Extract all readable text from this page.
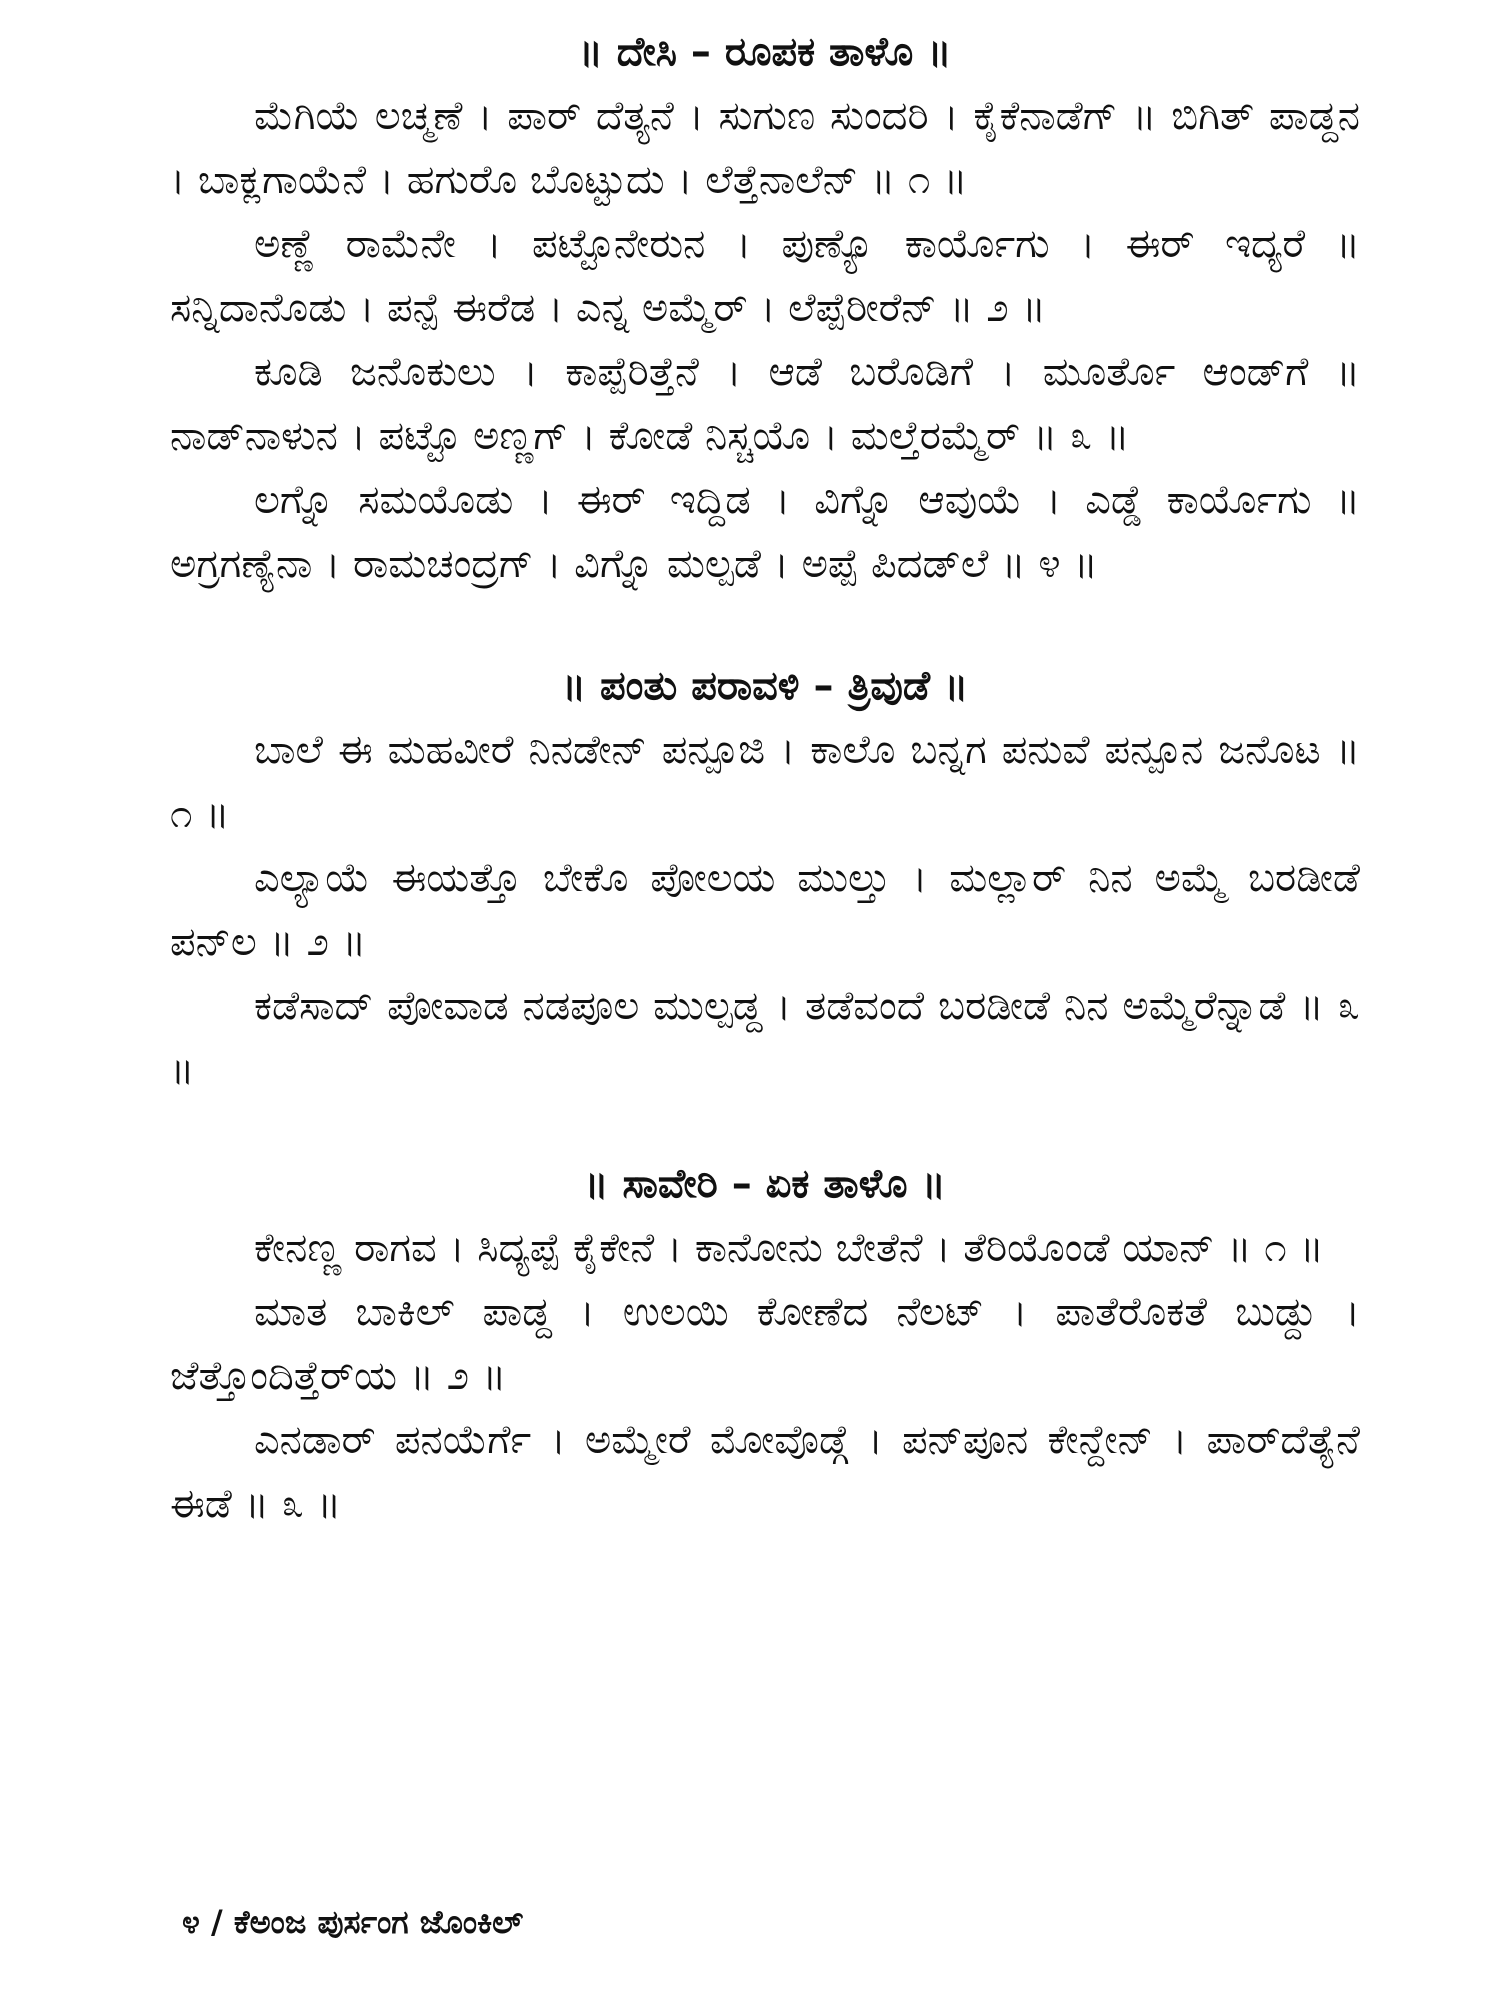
॥ ದೇಸಿ – ರೂಪಕ ತಾಳೊ ॥

ಮೆಗಿಯೆ ಲಚ್ಮಣೆ । ಪಾರ್ ದೆತ್ಯನೆ । ಸುಗುಣ ಸುಂದರಿ । ಕೈಕೆನಾಡೆಗ್ ॥ ಬಿಗಿತ್ ಪಾಡ್ದನ । ಬಾಕ್ಲಗಾಯೆನೆ । ಹಗುರೊ ಬೊಟ್ಟುದು । ಲೆತ್ತೆನಾಲೆನ್ ॥ ೧ ॥

ಅಣ್ಣೆ ರಾಮೆನೇ । ಪಟ್ಟೊನೇರುನ । ಪುಣ್ಯೊ ಕಾರ್ಯೊಗು । ಈರ್ ಇದ್ಯರೆ ॥ ಸನ್ನಿದಾನೊಡು । ಪನ್ಪೆ ಈರೆಡ । ಎನ್ನ ಅಮ್ಮೆರ್ । ಲೆಪ್ಪೆರೀರೆನ್ ॥ ೨ ॥

ಕೂಡಿ ಜನೊಕುಲು । ಕಾಪ್ಪೆರಿತ್ತೆನೆ । ಆಡೆ ಬರೊಡಿಗೆ । ಮೂರ್ತೊ ಆಂಡ್‌ಗೆ ॥ ನಾಡ್‌ನಾಳುನ । ಪಟ್ಟೊ ಅಣ್ಣಗ್ । ಕೋಡೆ ನಿಸ್ಚಯೊ । ಮಲ್ತೆರಮ್ಮೆರ್ ॥ ೩ ॥

ಲಗ್ನೊ ಸಮಯೊಡು । ಈರ್ ಇದ್ದಿಡ । ವಿಗ್ನೊ ಆವುಯೆ । ಎಡ್ಡೆ ಕಾರ್ಯೊಗು ॥ ಅಗ್ರಗಣ್ಯೆನಾ । ರಾಮಚಂದ್ರಗ್ । ವಿಗ್ನೊ ಮಲ್ಪಡೆ । ಅಪ್ಪೆ ಪಿದಡ್‌ಲೆ ॥ ೪ ॥

॥ ಪಂತು ಪರಾವಳಿ – ತ್ರಿವುಡೆ ॥

ಬಾಲೆ ಈ ಮಹವೀರೆ ನಿನಡೇನ್ ಪನ್ಪೂಜಿ । ಕಾಲೊ ಬನ್ನಗ ಪನುವೆ ಪನ್ಪೂನ ಜನೊಟ ॥ ೧ ॥

ಎಲ್ಯಾಯೆ ಈಯತ್ತೊ ಬೇಕೊ ಪೋಲಯ ಮುಲ್ತು । ಮಲ್ಲಾರ್ ನಿನ ಅಮ್ಮೆ ಬರಡೀಡೆ ಪನ್‌ಲ ॥ ೨ ॥

ಕಡೆಸಾದ್ ಪೋವಾಡ ನಡಪೂಲ ಮುಲ್ಪಡ್ದ । ತಡೆವಂದೆ ಬರಡೀಡೆ ನಿನ ಅಮ್ಮೆರೆನ್ನಾಡೆ ॥ ೩ ॥

॥ ಸಾವೇರಿ – ಏಕ ತಾಳೊ ॥

ಕೇನಣ್ಣ ರಾಗವ । ಸಿದ್ಯಪ್ಪೆ ಕೈಕೇನೆ । ಕಾನೋನು ಬೇತೆನೆ । ತೆರಿಯೊಂಡೆ ಯಾನ್ ॥ ೧ ॥

ಮಾತ ಬಾಕಿಲ್ ಪಾಡ್ದ । ಉಲಯಿ ಕೋಣೆದ ನೆಲಟ್ । ಪಾತೆರೊಕತೆ ಬುಡ್ದು । ಜೆತ್ತೊಂದಿತ್ತೆರ್‌ಯ ॥ ೨ ॥

ಎನಡಾರ್ ಪನಯೆರ್ಗೆ । ಅಮ್ಮೇರೆ ಮೋವೊಡ್ಗೆ । ಪನ್‌ಪೂನ ಕೇನ್ದೇನ್ । ಪಾರ್‌ದೆತ್ಯೆನೆ ಈಡೆ ॥ ೩ ॥

೪ / ಕೆಅಂಜ ಪುರ್ಸಂಗ ಜೊಂಕಿಲ್
